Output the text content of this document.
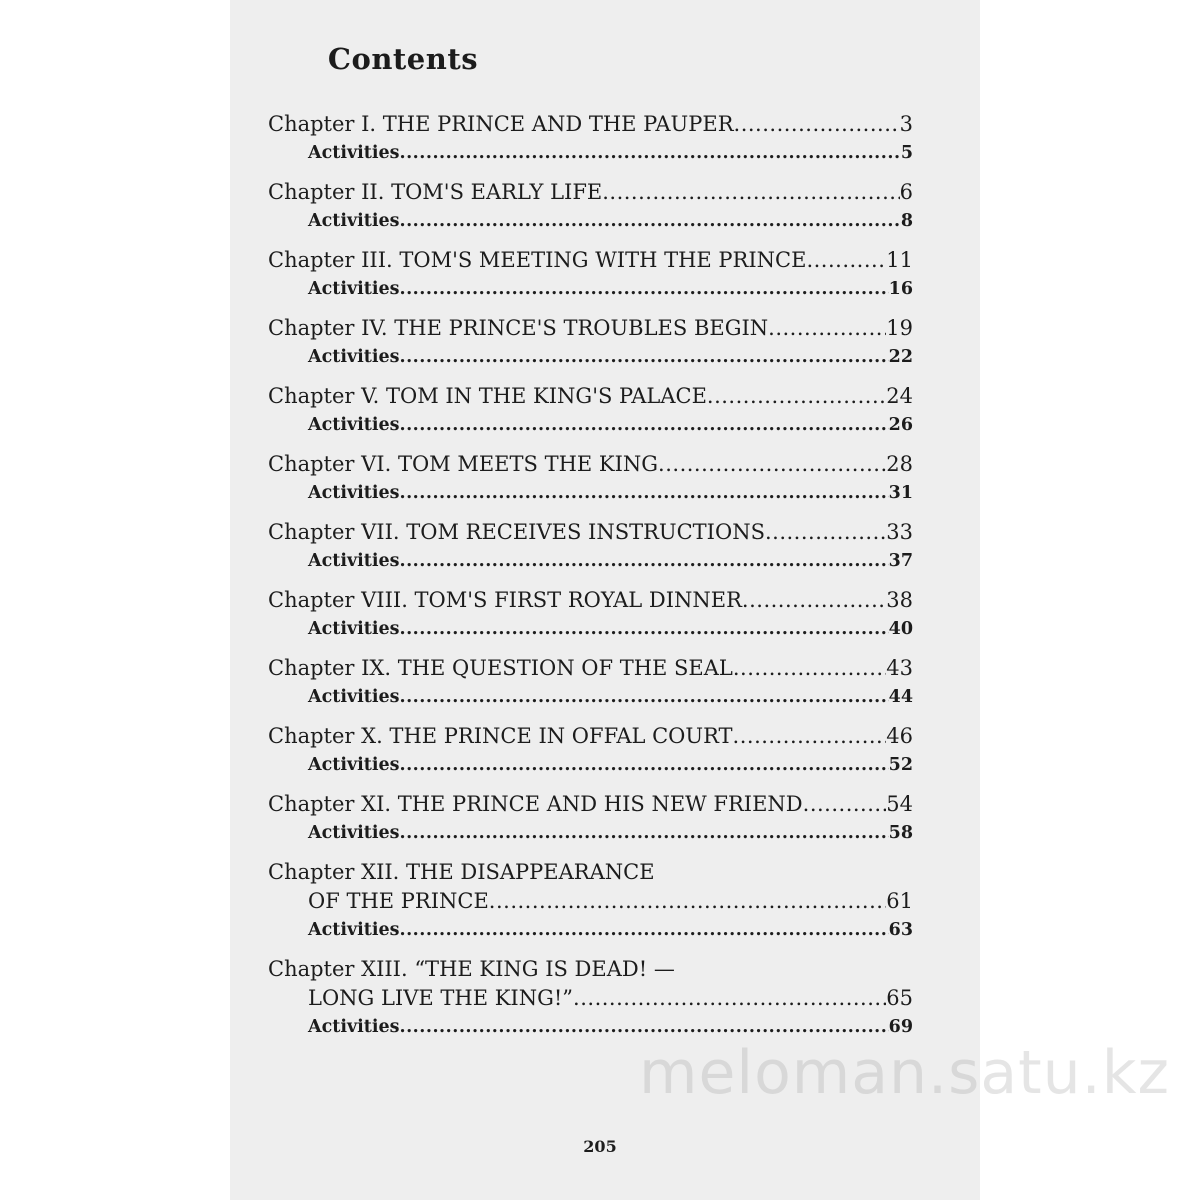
Contents
Chapter I. THE PRINCE AND THE PAUPER .....	3
Activities .....	5
Chapter II. TOM'S EARLY LIFE .....	6
Activities .....	8
Chapter III. TOM'S MEETING WITH THE PRINCE .....	11
Activities .....	16
Chapter IV. THE PRINCE'S TROUBLES BEGIN .....	19
Activities .....	22
Chapter V. TOM IN THE KING'S PALACE .....	24
Activities .....	26
Chapter VI. TOM MEETS THE KING .....	28
Activities .....	31
Chapter VII. TOM RECEIVES INSTRUCTIONS .....	33
Activities .....	37
Chapter VIII. TOM'S FIRST ROYAL DINNER .....	38
Activities .....	40
Chapter IX. THE QUESTION OF THE SEAL .....	43
Activities .....	44
Chapter X. THE PRINCE IN OFFAL COURT .....	46
Activities .....	52
Chapter XI. THE PRINCE AND HIS NEW FRIEND .....	54
Activities .....	58
Chapter XII. THE DISAPPEARANCE
OF THE PRINCE .....	61
Activities .....	63
Chapter XIII. “THE KING IS DEAD! —
LONG LIVE THE KING!” .....	65
Activities .....	69
meloman.satu.kz
205
